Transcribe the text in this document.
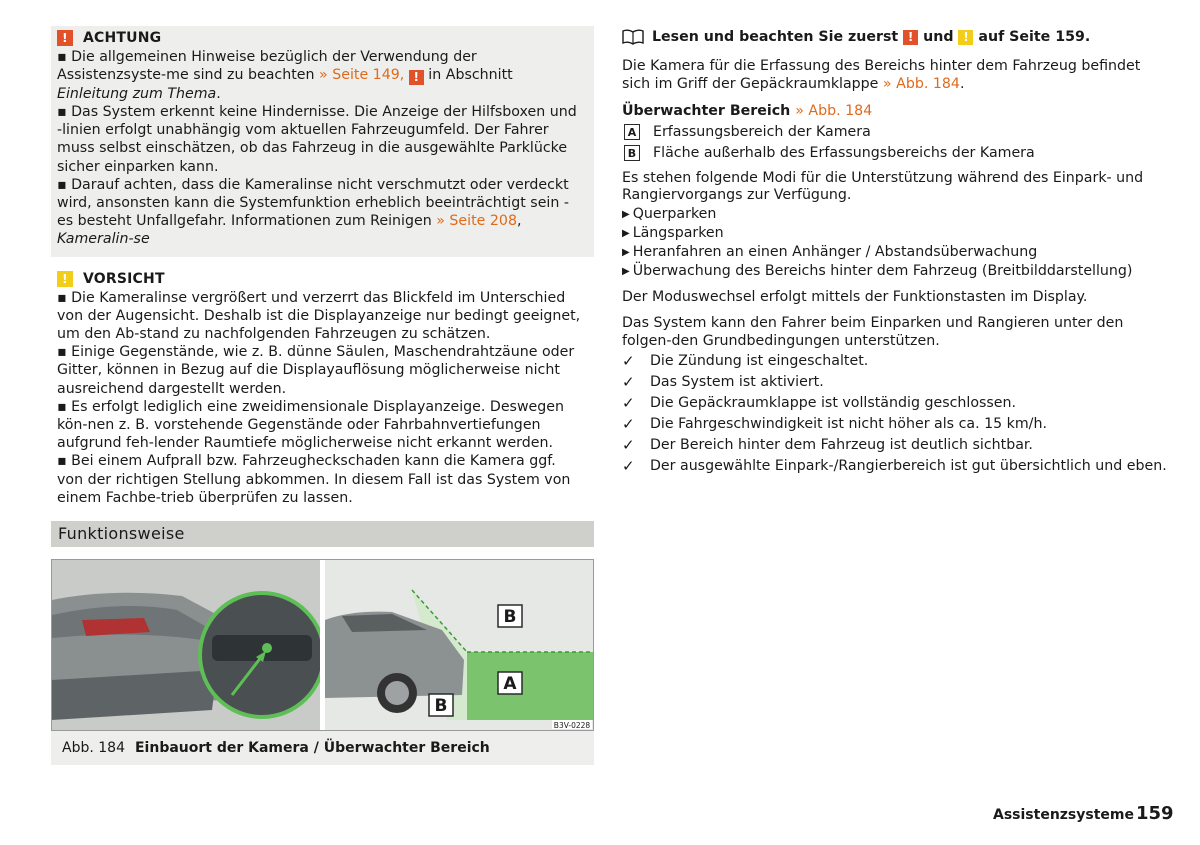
!	ACHTUNG

▪ Die allgemeinen Hinweise bezüglich der Verwendung der Assistenzsyste-me sind zu beachten » Seite 149, ! in Abschnitt Einleitung zum Thema.

▪ Das System erkennt keine Hindernisse. Die Anzeige der Hilfsboxen und -linien erfolgt unabhängig vom aktuellen Fahrzeugumfeld. Der Fahrer muss selbst einschätzen, ob das Fahrzeug in die ausgewählte Parklücke sicher einparken kann.

▪ Darauf achten, dass die Kameralinse nicht verschmutzt oder verdeckt wird, ansonsten kann die Systemfunktion erheblich beeinträchtigt sein - es besteht Unfallgefahr. Informationen zum Reinigen » Seite 208, Kameralin-se

!	VORSICHT

▪ Die Kameralinse vergrößert und verzerrt das Blickfeld im Unterschied von der Augensicht. Deshalb ist die Displayanzeige nur bedingt geeignet, um den Ab-stand zu nachfolgenden Fahrzeugen zu schätzen.

▪ Einige Gegenstände, wie z. B. dünne Säulen, Maschendrahtzäune oder Gitter, können in Bezug auf die Displayauflösung möglicherweise nicht ausreichend dargestellt werden.

▪ Es erfolgt lediglich eine zweidimensionale Displayanzeige. Deswegen kön-nen z. B. vorstehende Gegenstände oder Fahrbahnvertiefungen aufgrund feh-lender Raumtiefe möglicherweise nicht erkannt werden.

▪ Bei einem Aufprall bzw. Fahrzeugheckschaden kann die Kamera ggf. von der richtigen Stellung abkommen. In diesem Fall ist das System von einem Fachbe-trieb überprüfen zu lassen.

Funktionsweise
B
A
B
B3V-0228
Abb. 184 Einbauort der Kamera / Überwachter Bereich
Lesen und beachten Sie zuerst
!
und
!
auf Seite 159.

Die Kamera für die Erfassung des Bereichs hinter dem Fahrzeug befindet sich im Griff der Gepäckraumklappe » Abb. 184.

Überwachter Bereich » Abb. 184
A Erfassungsbereich der Kamera
B Fläche außerhalb des Erfassungsbereichs der Kamera

Es stehen folgende Modi für die Unterstützung während des Einpark- und Rangiervorgangs zur Verfügung.

▶ Querparken
▶ Längsparken
▶ Heranfahren an einen Anhänger / Abstandsüberwachung
▶ Überwachung des Bereichs hinter dem Fahrzeug (Breitbilddarstellung)

Der Moduswechsel erfolgt mittels der Funktionstasten im Display.

Das System kann den Fahrer beim Einparken und Rangieren unter den folgen-den Grundbedingungen unterstützen.

✓	Die Zündung ist eingeschaltet.
✓	Das System ist aktiviert.
✓	Die Gepäckraumklappe ist vollständig geschlossen.
✓	Die Fahrgeschwindigkeit ist nicht höher als ca. 15 km/h.
✓	Der Bereich hinter dem Fahrzeug ist deutlich sichtbar.
✓	Der ausgewählte Einpark-/Rangierbereich ist gut übersichtlich und eben.
Assistenzsysteme 159
